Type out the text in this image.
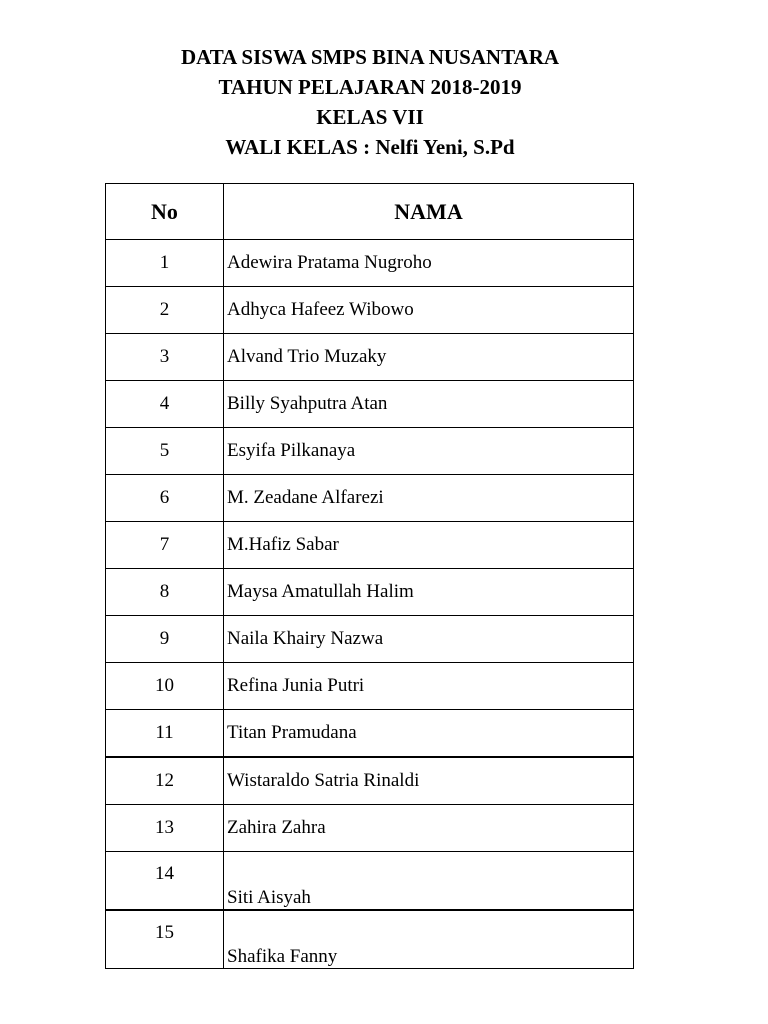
DATA SISWA SMPS BINA NUSANTARA
TAHUN PELAJARAN 2018-2019
KELAS VII
WALI KELAS : Nelfi Yeni, S.Pd
No	NAMA
1	Adewira Pratama Nugroho
2	Adhyca Hafeez Wibowo
3	Alvand Trio Muzaky
4	Billy Syahputra Atan
5	Esyifa Pilkanaya
6	M. Zeadane Alfarezi
7	M.Hafiz Sabar
8	Maysa Amatullah Halim
9	Naila Khairy Nazwa
10	Refina Junia Putri
11	Titan Pramudana
12	Wistaraldo Satria Rinaldi
13	Zahira Zahra
14	Siti Aisyah
15	Shafika Fanny
